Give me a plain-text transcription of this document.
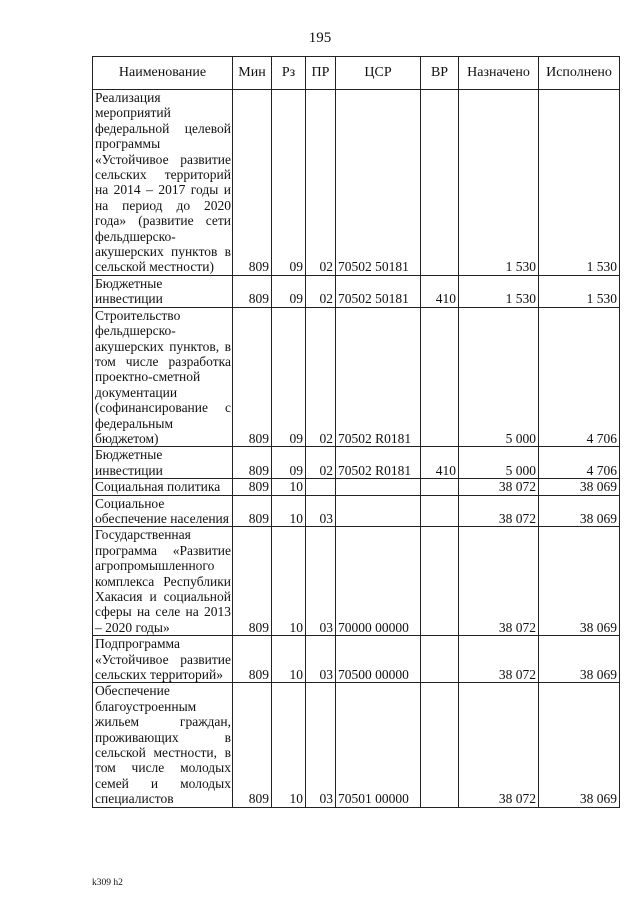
195
Наименование	Мин	Рз	ПР	ЦСР	ВР	Назначено	Исполнено
Реализация мероприятий федеральной целевой программы «Устойчивое развитие сельских территорий на 2014 – 2017 годы и на период до 2020 года» (развитие сети фельдшерско-акушерских пунктов в сельской местности)	809	09	02	70502 50181		1 530	1 530
Бюджетные инвестиции	809	09	02	70502 50181	410	1 530	1 530
Строительство фельдшерско-акушерских пунктов, в том числе разработка проектно-сметной документации (софинансирование с федеральным бюджетом)	809	09	02	70502 R0181		5 000	4 706
Бюджетные инвестиции	809	09	02	70502 R0181	410	5 000	4 706
Социальная политика	809	10				38 072	38 069
Социальное обеспечение населения	809	10	03			38 072	38 069
Государственная программа «Развитие агропромышленного комплекса Республики Хакасия и социальной сферы на селе на 2013 – 2020 годы»	809	10	03	70000 00000		38 072	38 069
Подпрограмма «Устойчивое развитие сельских территорий»	809	10	03	70500 00000		38 072	38 069
Обеспечение благоустроенным жильем граждан, проживающих в сельской местности, в том числе молодых семей и молодых специалистов	809	10	03	70501 00000		38 072	38 069
k309 h2
